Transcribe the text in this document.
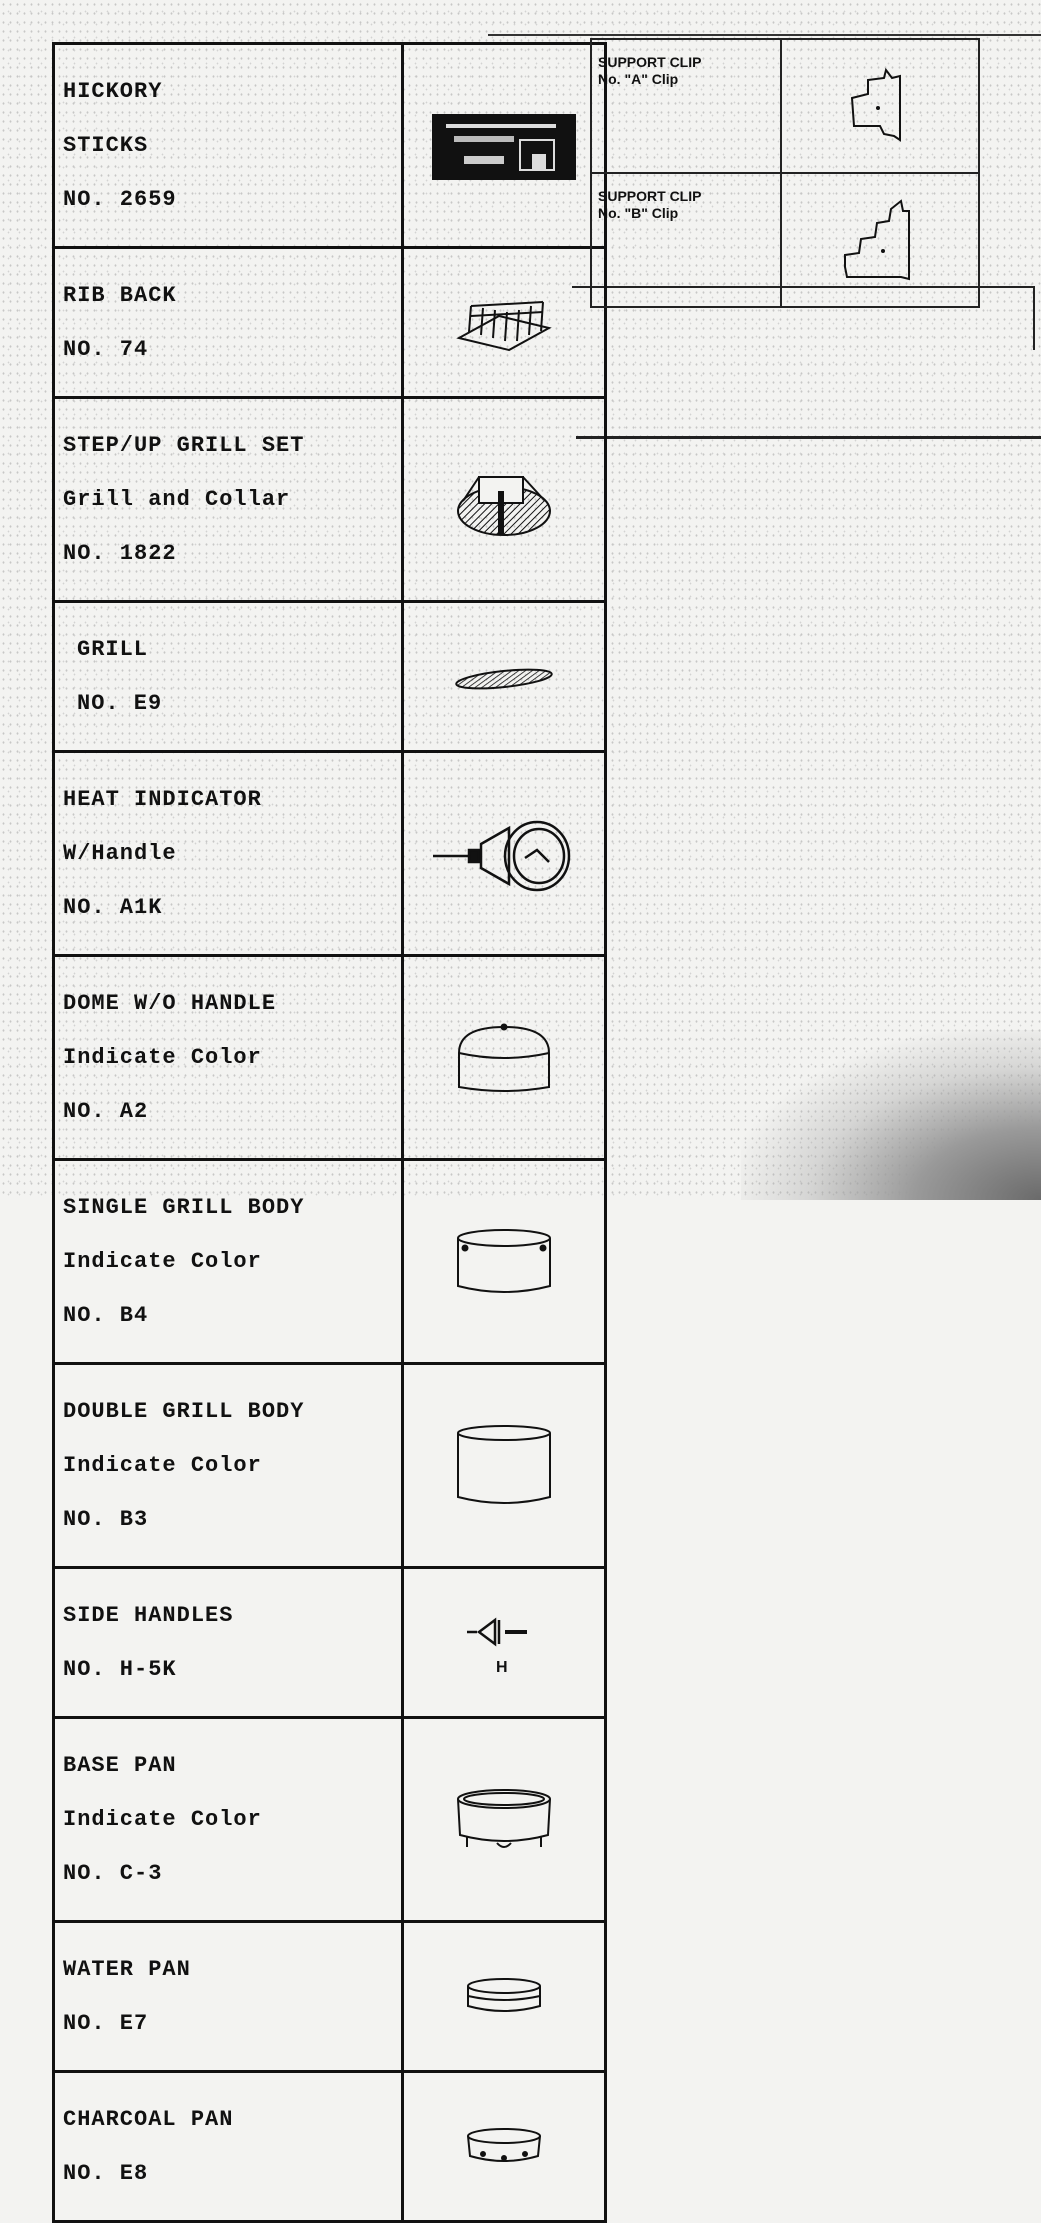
HICKORY

STICKS

NO. 2659

RIB BACK

NO. 74

STEP/UP GRILL SET

Grill and Collar

NO. 1822

GRILL

NO. E9

HEAT INDICATOR

W/Handle

NO. A1K

DOME W/O HANDLE

Indicate Color

NO. A2

SINGLE GRILL BODY

Indicate Color

NO. B4

DOUBLE GRILL BODY

Indicate Color

NO. B3

SIDE HANDLES

NO. H-5K	H

BASE PAN

Indicate Color

NO. C-3

WATER PAN

NO. E7

CHARCOAL PAN

NO. E8

SUPPORT CLIP
No. "A" Clip

SUPPORT CLIP
No. "B" Clip
